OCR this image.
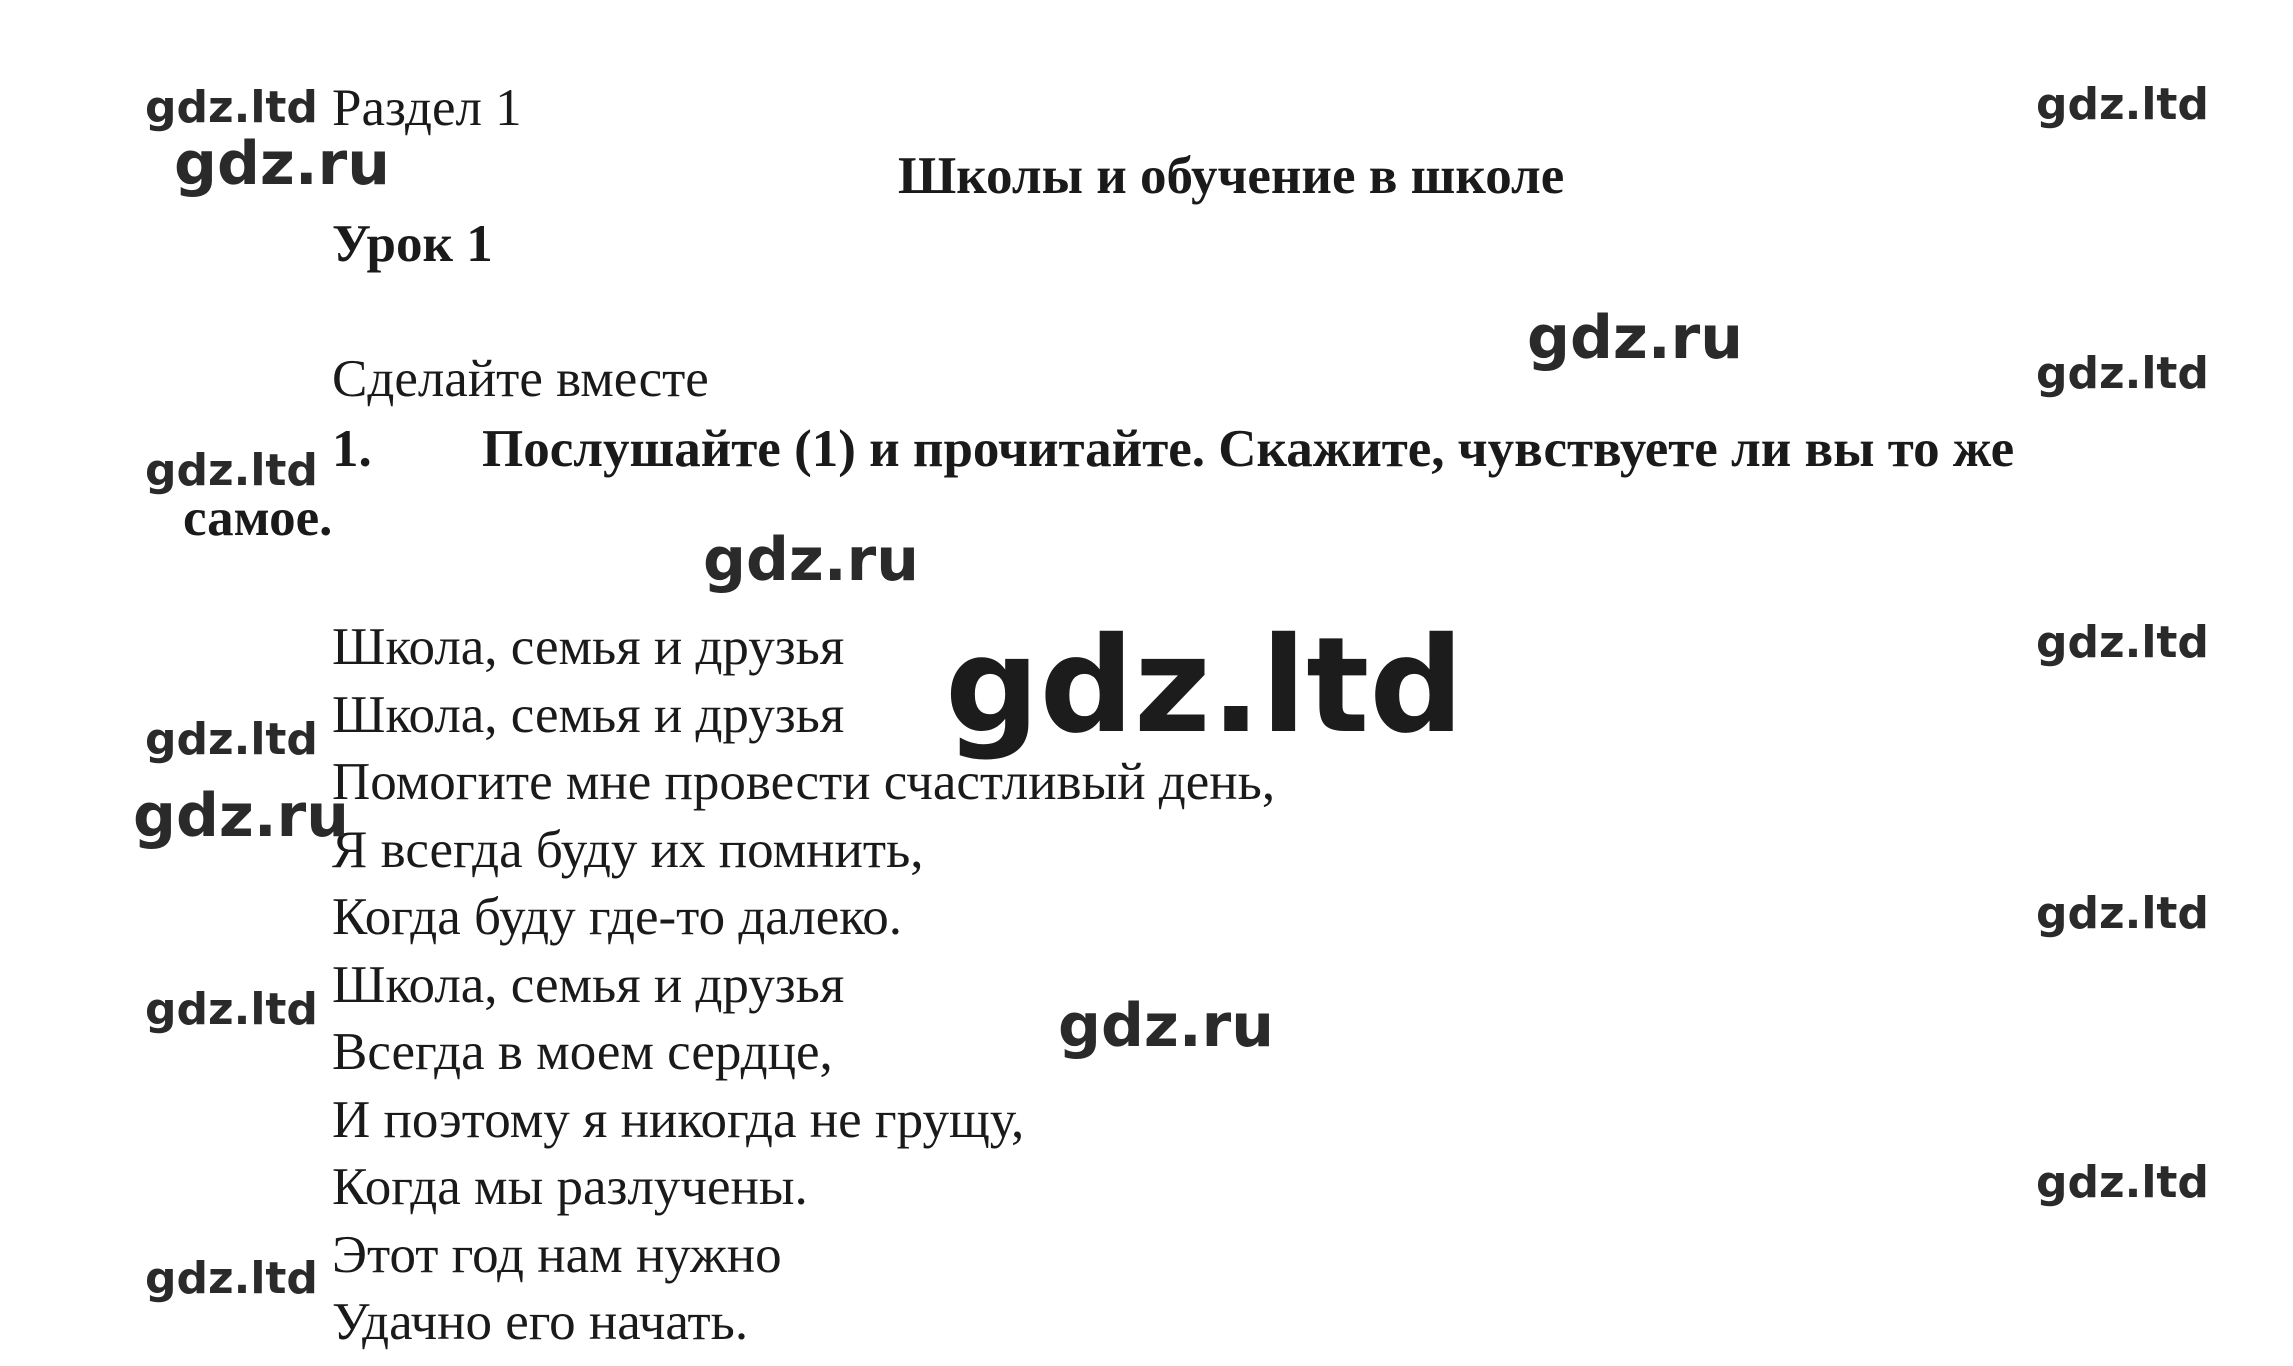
Раздел 1
Школы и обучение в школе
Урок 1
Сделайте вместе
1. Послушайте (1) и прочитайте. Скажите, чувствуете ли вы то же
самое.
Школа, семья и друзья
Школа, семья и друзья
Помогите мне провести счастливый день,
Я всегда буду их помнить,
Когда буду где-то далеко.
Школа, семья и друзья
Всегда в моем сердце,
И поэтому я никогда не грущу,
Когда мы разлучены.
Этот год нам нужно
Удачно его начать.
gdz.ltd
gdz.ltd
gdz.ltd
gdz.ltd
gdz.ltd
gdz.ltd
gdz.ltd
gdz.ltd
gdz.ltd
gdz.ltd
gdz.ru
gdz.ru
gdz.ru
gdz.ru
gdz.ru
gdz.ltd
